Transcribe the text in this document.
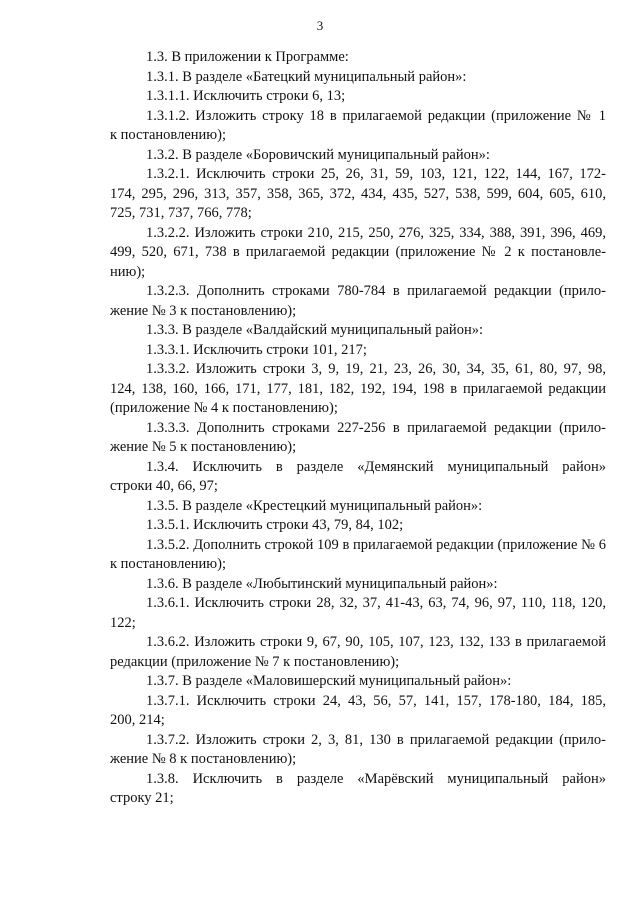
3
1.3. В приложении к Программе:
1.3.1. В разделе «Батецкий муниципальный район»:
1.3.1.1. Исключить строки 6, 13;
1.3.1.2. Изложить строку 18 в прилагаемой редакции (приложение № 1
к постановлению);
1.3.2. В разделе «Боровичский муниципальный район»:
1.3.2.1. Исключить строки 25, 26, 31, 59, 103, 121, 122, 144, 167, 172-
174, 295, 296, 313, 357, 358, 365, 372, 434, 435, 527, 538, 599, 604, 605, 610,
725, 731, 737, 766, 778;
1.3.2.2. Изложить строки 210, 215, 250, 276, 325, 334, 388, 391, 396, 469,
499, 520, 671, 738 в прилагаемой редакции (приложение № 2 к постановле-
нию);
1.3.2.3. Дополнить строками 780-784 в прилагаемой редакции (прило-
жение № 3 к постановлению);
1.3.3. В разделе «Валдайский муниципальный район»:
1.3.3.1. Исключить строки 101, 217;
1.3.3.2. Изложить строки 3, 9, 19, 21, 23, 26, 30, 34, 35, 61, 80, 97, 98,
124, 138, 160, 166, 171, 177, 181, 182, 192, 194, 198 в прилагаемой редакции
(приложение № 4 к постановлению);
1.3.3.3. Дополнить строками 227-256 в прилагаемой редакции (прило-
жение № 5 к постановлению);
1.3.4. Исключить в разделе «Демянский муниципальный район»
строки 40, 66, 97;
1.3.5. В разделе «Крестецкий муниципальный район»:
1.3.5.1. Исключить строки 43, 79, 84, 102;
1.3.5.2. Дополнить строкой 109 в прилагаемой редакции (приложение № 6
к постановлению);
1.3.6. В разделе «Любытинский муниципальный район»:
1.3.6.1. Исключить строки 28, 32, 37, 41-43, 63, 74, 96, 97, 110, 118, 120,
122;
1.3.6.2. Изложить строки 9, 67, 90, 105, 107, 123, 132, 133 в прилагаемой
редакции (приложение № 7 к постановлению);
1.3.7. В разделе «Маловишерский муниципальный район»:
1.3.7.1. Исключить строки 24, 43, 56, 57, 141, 157, 178-180, 184, 185,
200, 214;
1.3.7.2. Изложить строки 2, 3, 81, 130 в прилагаемой редакции (прило-
жение № 8 к постановлению);
1.3.8. Исключить в разделе «Марёвский муниципальный район»
строку 21;
